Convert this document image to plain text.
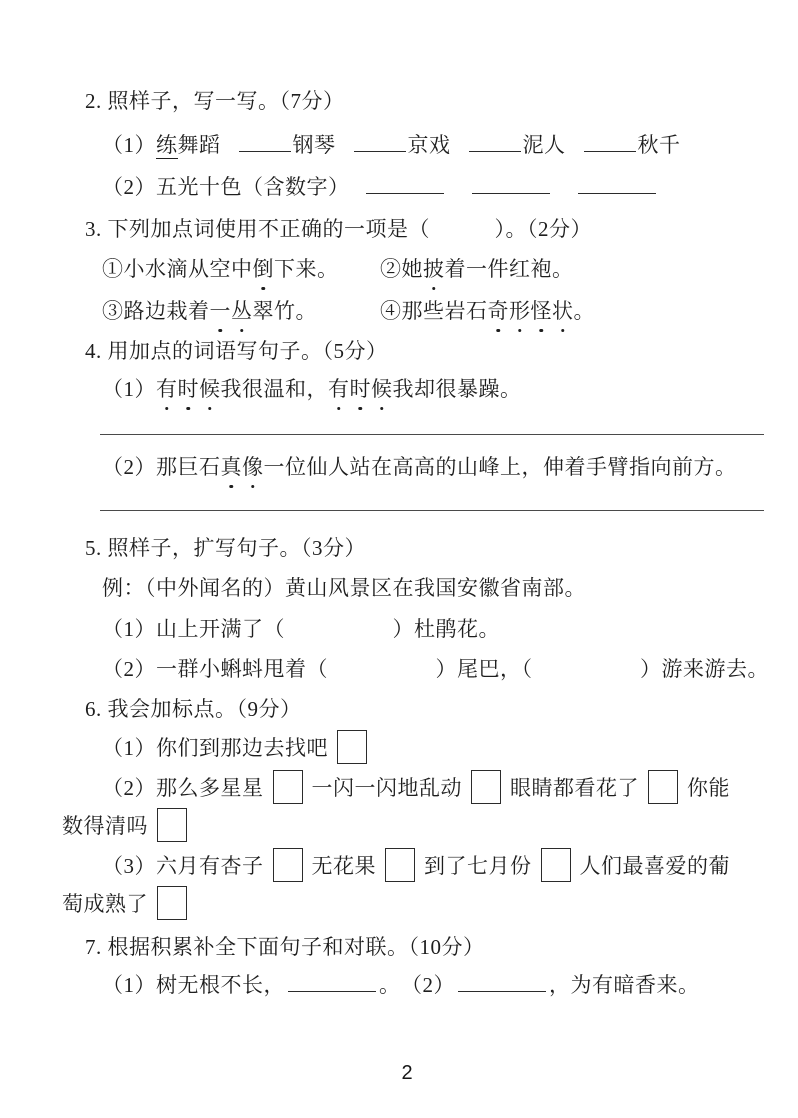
2. 照样子，写一写。（7分）

（1）练舞蹈	钢琴	京戏	泥人	秋千

（2）五光十色（含数字）

3. 下列加点词使用不正确的一项是（　　　）。（2分）

①小水滴从空中倒下来。	②她披着一件红袍。
③路边栽着一丛翠竹。	④那些岩石奇形怪状。

4. 用加点的词语写句子。（5分）

（1）有时候我很温和，有时候我却很暴躁。

（2）那巨石真像一位仙人站在高高的山峰上，伸着手臂指向前方。

5. 照样子，扩写句子。（3分）

例：（中外闻名的）黄山风景区在我国安徽省南部。

（1）山上开满了（　　　　　）杜鹃花。

（2）一群小蝌蚪甩着（　　　　　）尾巴，（　　　　　）游来游去。

6. 我会加标点。（9分）

（1）你们到那边去找吧

（2）那么多星星 一闪一闪地乱动 眼睛都看花了 你能

数得清吗

（3）六月有杏子 无花果 到了七月份 人们最喜爱的葡

萄成熟了

7. 根据积累补全下面句子和对联。（10分）

（1）树无根不长，	。　（2）	，为有暗香来。

2
